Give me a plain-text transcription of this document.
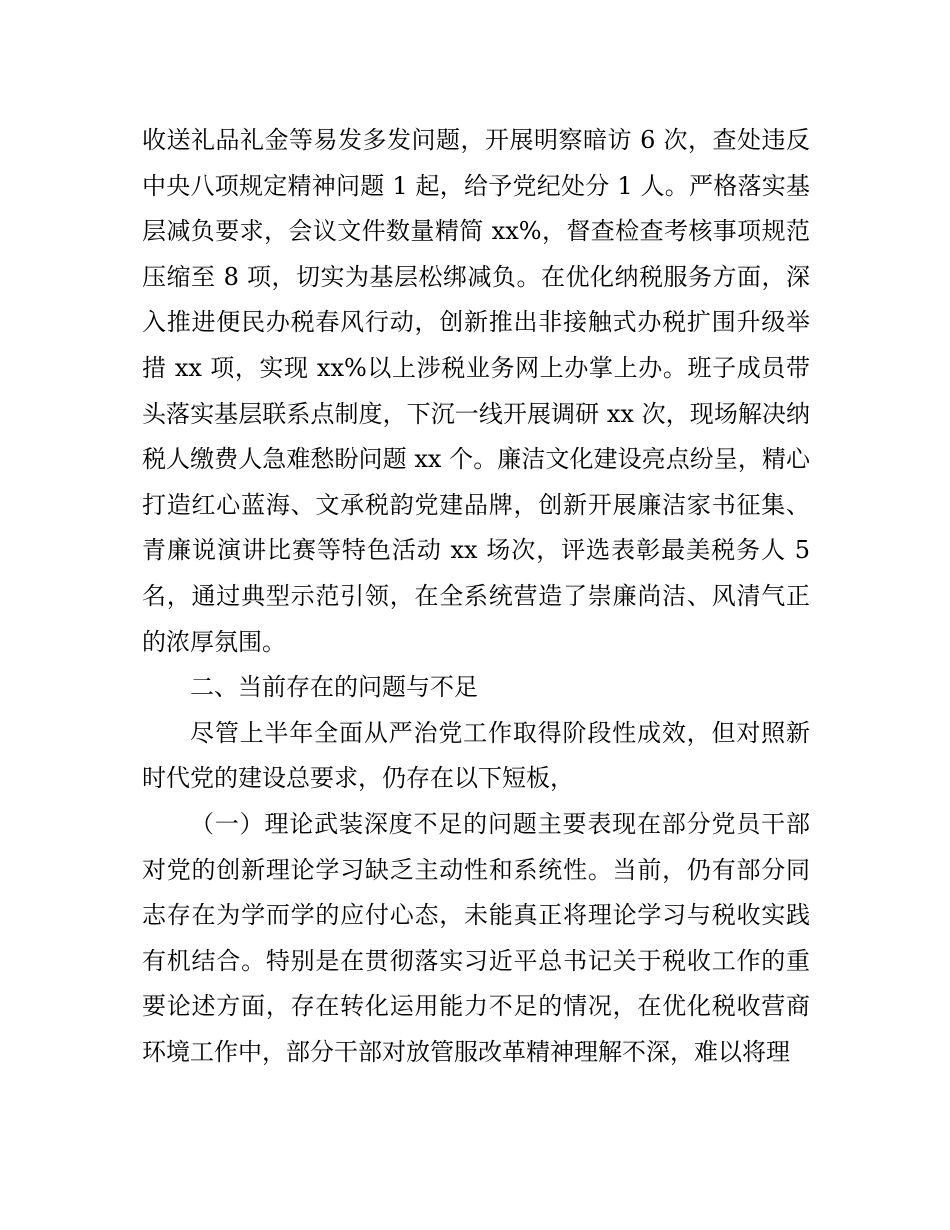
收送礼品礼金等易发多发问题，开展明察暗访 6 次，查处违反中央八项规定精神问题 1 起，给予党纪处分 1 人。严格落实基层减负要求，会议文件数量精简 xx%，督查检查考核事项规范压缩至 8 项，切实为基层松绑减负。在优化纳税服务方面，深入推进便民办税春风行动，创新推出非接触式办税扩围升级举措 xx 项，实现 xx%以上涉税业务网上办掌上办。班子成员带头落实基层联系点制度，下沉一线开展调研 xx 次，现场解决纳税人缴费人急难愁盼问题 xx 个。廉洁文化建设亮点纷呈，精心打造红心蓝海、文承税韵党建品牌，创新开展廉洁家书征集、青廉说演讲比赛等特色活动 xx 场次，评选表彰最美税务人 5 名，通过典型示范引领，在全系统营造了崇廉尚洁、风清气正的浓厚氛围。

二、当前存在的问题与不足

尽管上半年全面从严治党工作取得阶段性成效，但对照新时代党的建设总要求，仍存在以下短板，

（一）理论武装深度不足的问题主要表现在部分党员干部对党的创新理论学习缺乏主动性和系统性。当前，仍有部分同志存在为学而学的应付心态，未能真正将理论学习与税收实践有机结合。特别是在贯彻落实习近平总书记关于税收工作的重要论述方面，存在转化运用能力不足的情况，在优化税收营商环境工作中，部分干部对放管服改革精神理解不深，难以将理
